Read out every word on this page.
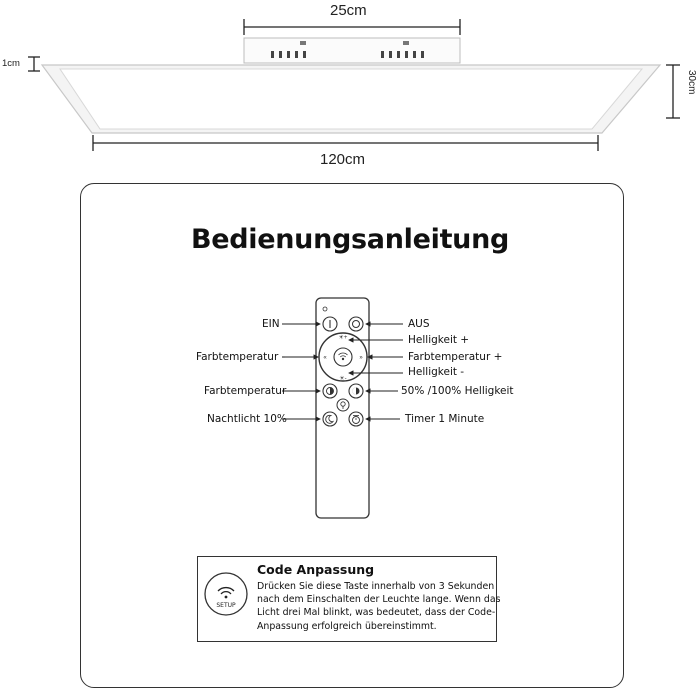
25cm
120cm
1cm
30cm
Bedienungsanleitung
☀+
☀-
«	»
EIN	AUS
Helligkeit +
Farbtemperatur -	Farbtemperatur +
Helligkeit -
Farbtemperatur	50% /100% Helligkeit
Nachtlicht 10%	Timer 1 Minute
SETUP
Code Anpassung
Drücken Sie diese Taste innerhalb von 3 Sekunden
nach dem Einschalten der Leuchte lange. Wenn das
Licht drei Mal blinkt, was bedeutet, dass der Code-
Anpassung erfolgreich übereinstimmt.
